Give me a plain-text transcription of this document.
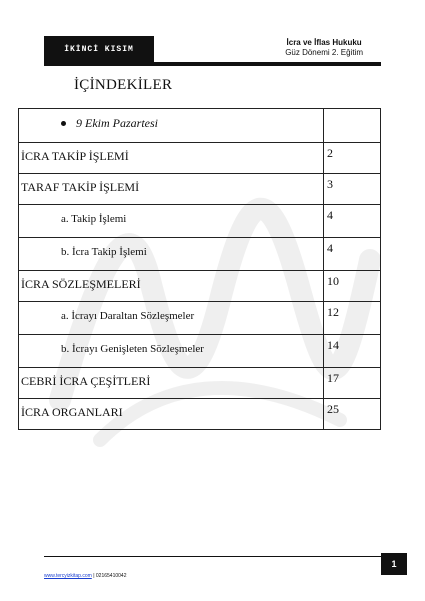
İKİNCİ KISIM
İcra ve İflas Hukuku
Güz Dönemi 2. Eğitim
İÇİNDEKİLER
9 Ekim Pazartesi	
İCRA TAKİP İŞLEMİ	2
TARAF TAKİP İŞLEMİ	3
a. Takip İşlemi	4
b. İcra Takip İşlemi	4
İCRA SÖZLEŞMELERİ	10
a. İcrayı Daraltan Sözleşmeler	12
b. İcrayı Genişleten Sözleşmeler	14
CEBRİ İCRA ÇEŞİTLERİ	17
İCRA ORGANLARI	25
1
www.tercyizkitap.com | 02165410042
